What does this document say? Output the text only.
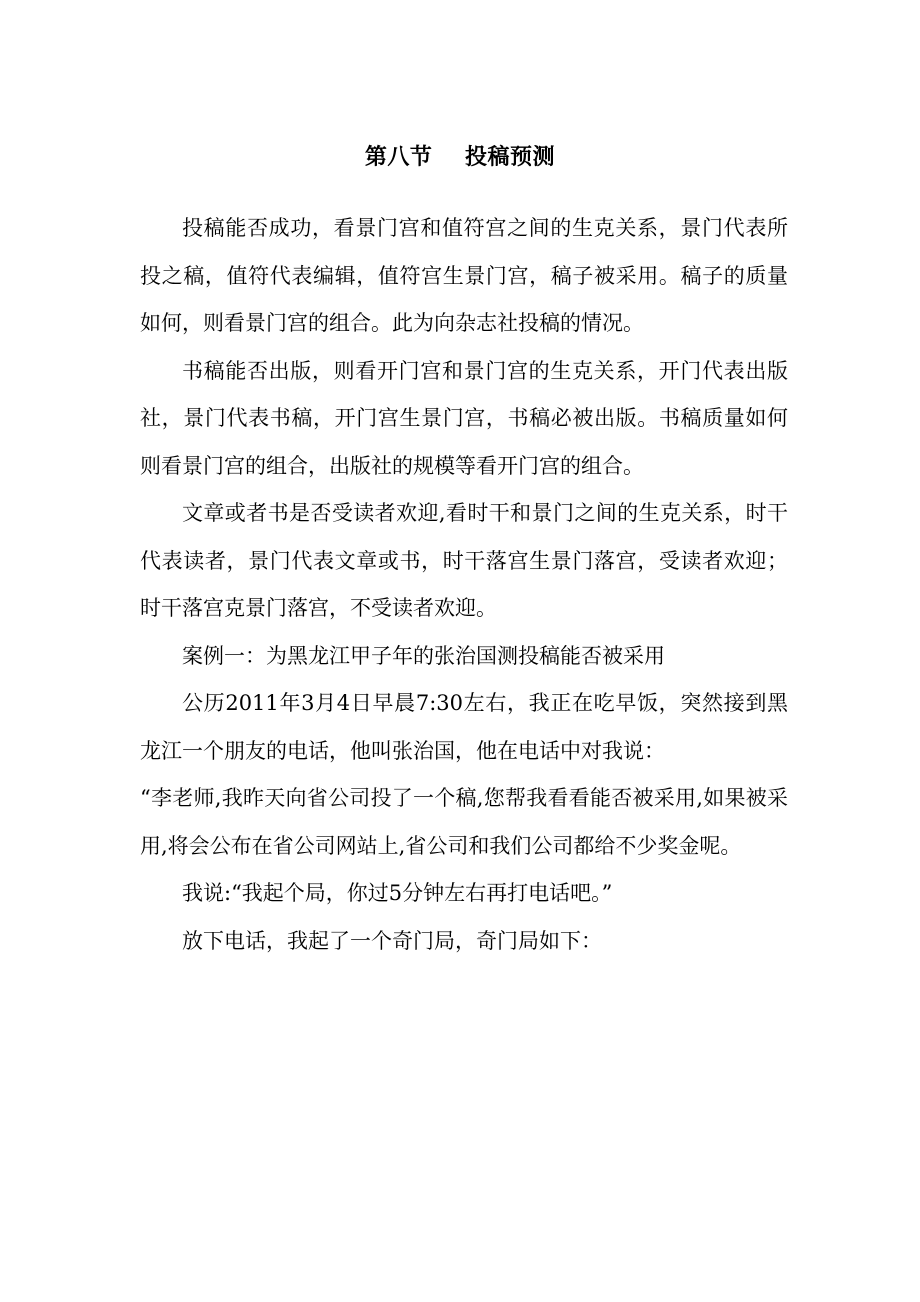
第八节    投稿预测

投稿能否成功，看景门宫和值符宫之间的生克关系，景门代表所投之稿，值符代表编辑，值符宫生景门宫，稿子被采用。稿子的质量如何，则看景门宫的组合。此为向杂志社投稿的情况。

书稿能否出版，则看开门宫和景门宫的生克关系，开门代表出版社，景门代表书稿，开门宫生景门宫，书稿必被出版。书稿质量如何则看景门宫的组合，出版社的规模等看开门宫的组合。

文章或者书是否受读者欢迎,看时干和景门之间的生克关系，时干代表读者，景门代表文章或书，时干落宫生景门落宫，受读者欢迎；时干落宫克景门落宫，不受读者欢迎。

案例一：为黑龙江甲子年的张治国测投稿能否被采用

公历2011年3月4日早晨7:30左右，我正在吃早饭，突然接到黑龙江一个朋友的电话，他叫张治国，他在电话中对我说：

“李老师,我昨天向省公司投了一个稿,您帮我看看能否被采用,如果被采用,将会公布在省公司网站上,省公司和我们公司都给不少奖金呢。

我说:“我起个局，你过5分钟左右再打电话吧。”

放下电话，我起了一个奇门局，奇门局如下：
